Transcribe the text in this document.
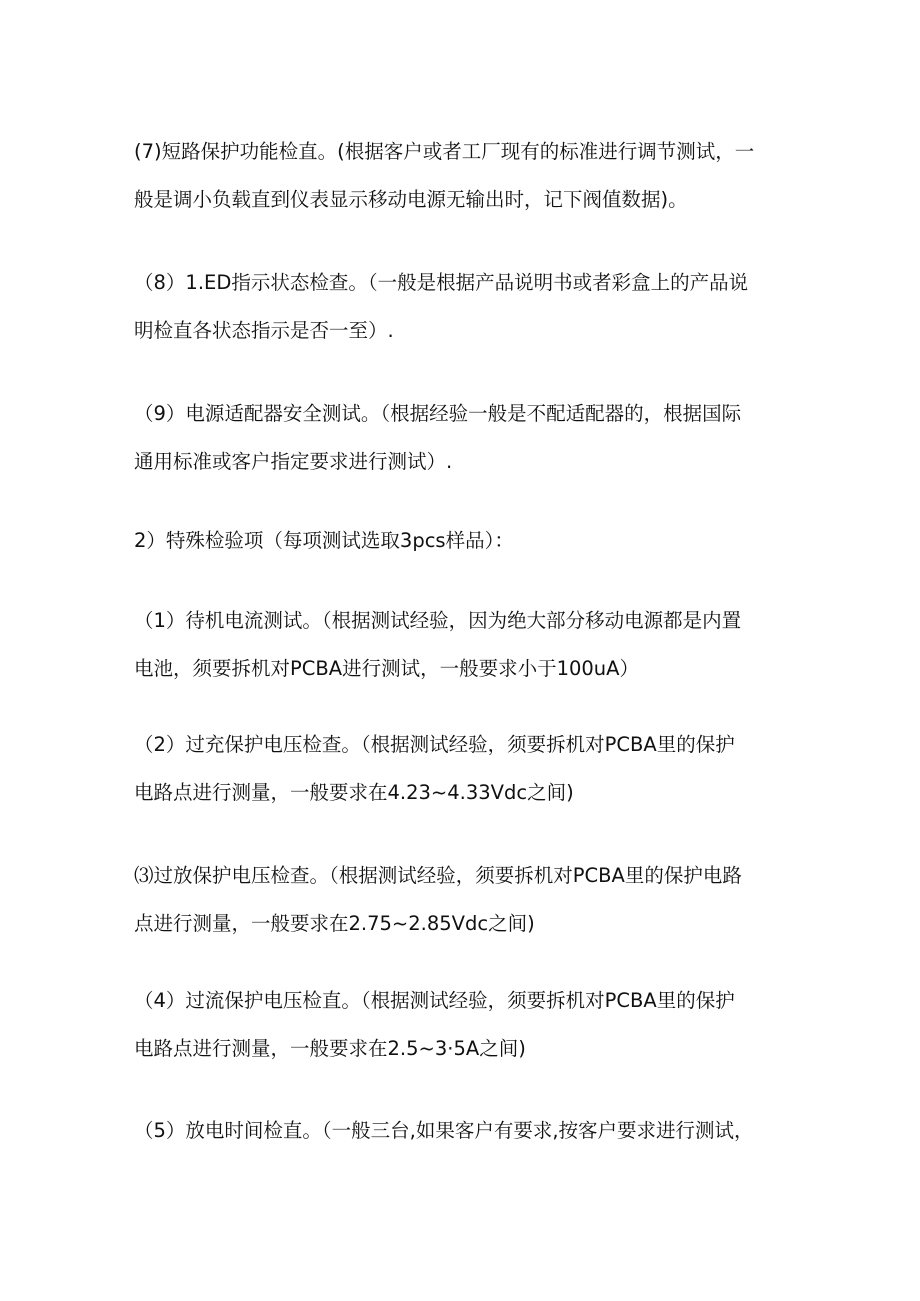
(7)短路保护功能检直。(根据客户或者工厂现有的标准进行调节测试，一
般是调小负载直到仪表显示移动电源无输出时，记下阀值数据)。

（8）1.ED指示状态检查。（一般是根据产品说明书或者彩盒上的产品说
明检直各状态指示是否一至）.

（9）电源适配器安全测试。（根据经验一般是不配适配器的，根据国际
通用标准或客户指定要求进行测试）.

2）特殊检验项（每项测试选取3pcs样品）：

（1）待机电流测试。（根据测试经验，因为绝大部分移动电源都是内置
电池，须要拆机对PCBA进行测试，一般要求小于100uA）

（2）过充保护电压检查。（根据测试经验，须要拆机对PCBA里的保护
电路点进行测量，一般要求在4.23~4.33Vdc之间)

⑶过放保护电压检查。（根据测试经验，须要拆机对PCBA里的保护电路
点进行测量，一般要求在2.75~2.85Vdc之间)

（4）过流保护电压检直。（根据测试经验，须要拆机对PCBA里的保护
电路点进行测量，一般要求在2.5~3·5A之间)

（5）放电时间检直。（一般三台,如果客户有要求,按客户要求进行测试，
